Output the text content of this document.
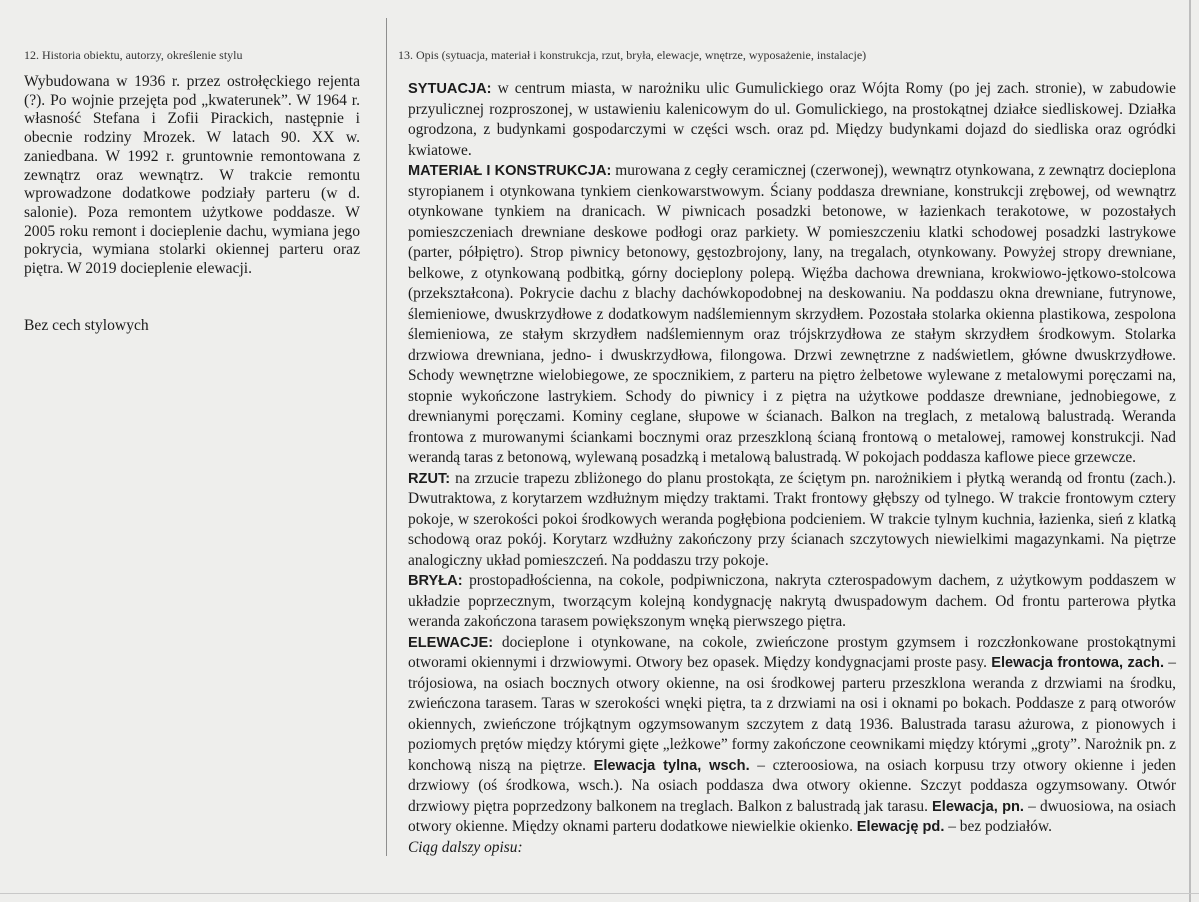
12. Historia obiektu, autorzy, określenie stylu	13. Opis (sytuacja, materiał i konstrukcja, rzut, bryła, elewacje, wnętrze, wyposażenie, instalacje)

Wybudowana w 1936 r. przez ostrołęckiego rejenta (?). Po wojnie przejęta pod „kwaterunek”. W 1964 r. własność Stefana i Zofii Pirackich, następnie i obecnie rodziny Mrozek. W latach 90. XX w. zaniedbana. W 1992 r. gruntownie remontowana z zewnątrz oraz wewnątrz. W trakcie remontu wprowadzone dodatkowe podziały parteru (w d. salonie). Poza remontem użytkowe poddasze. W 2005 roku remont i docieplenie dachu, wymiana jego pokrycia, wymiana stolarki okiennej parteru oraz piętra. W 2019 docieplenie elewacji.

Bez cech stylowych

SYTUACJA: w centrum miasta, w narożniku ulic Gumulickiego oraz Wójta Romy (po jej zach. stronie), w zabudowie przyulicznej rozproszonej, w ustawieniu kalenicowym do ul. Gomulickiego, na prostokątnej działce siedliskowej. Działka ogrodzona, z budynkami gospodarczymi w części wsch. oraz pd. Między budynkami dojazd do siedliska oraz ogródki kwiatowe.

MATERIAŁ I KONSTRUKCJA: murowana z cegły ceramicznej (czerwonej), wewnątrz otynkowana, z zewnątrz docieplona styropianem i otynkowana tynkiem cienkowarstwowym. Ściany poddasza drewniane, konstrukcji zrębowej, od wewnątrz otynkowane tynkiem na dranicach. W piwnicach posadzki betonowe, w łazienkach terakotowe, w pozostałych pomieszczeniach drewniane deskowe podłogi oraz parkiety. W pomieszczeniu klatki schodowej posadzki lastrykowe (parter, półpiętro). Strop piwnicy betonowy, gęstozbrojony, lany, na tregalach, otynkowany. Powyżej stropy drewniane, belkowe, z otynkowaną podbitką, górny docieplony polepą. Więźba dachowa drewniana, krokwiowo-jętkowo-stolcowa (przekształcona). Pokrycie dachu z blachy dachówkopodobnej na deskowaniu. Na poddaszu okna drewniane, futrynowe, ślemieniowe, dwuskrzydłowe z dodatkowym nadślemiennym skrzydłem. Pozostała stolarka okienna plastikowa, zespolona ślemieniowa, ze stałym skrzydłem nadślemiennym oraz trójskrzydłowa ze stałym skrzydłem środkowym. Stolarka drzwiowa drewniana, jedno- i dwuskrzydłowa, filongowa. Drzwi zewnętrzne z nadświetlem, główne dwuskrzydłowe. Schody wewnętrzne wielobiegowe, ze spocznikiem, z parteru na piętro żelbetowe wylewane z metalowymi poręczami na, stopnie wykończone lastrykiem. Schody do piwnicy i z piętra na użytkowe poddasze drewniane, jednobiegowe, z drewnianymi poręczami. Kominy ceglane, słupowe w ścianach. Balkon na treglach, z metalową balustradą. Weranda frontowa z murowanymi ściankami bocznymi oraz przeszkloną ścianą frontową o metalowej, ramowej konstrukcji. Nad werandą taras z betonową, wylewaną posadzką i metalową balustradą. W pokojach poddasza kaflowe piece grzewcze.

RZUT: na zrzucie trapezu zbliżonego do planu prostokąta, ze ściętym pn. narożnikiem i płytką werandą od frontu (zach.). Dwutraktowa, z korytarzem wzdłużnym między traktami. Trakt frontowy głębszy od tylnego. W trakcie frontowym cztery pokoje, w szerokości pokoi środkowych weranda pogłębiona podcieniem. W trakcie tylnym kuchnia, łazienka, sień z klatką schodową oraz pokój. Korytarz wzdłużny zakończony przy ścianach szczytowych niewielkimi magazynkami. Na piętrze analogiczny układ pomieszczeń. Na poddaszu trzy pokoje.

BRYŁA: prostopadłościenna, na cokole, podpiwniczona, nakryta czterospadowym dachem, z użytkowym poddaszem w układzie poprzecznym, tworzącym kolejną kondygnację nakrytą dwuspadowym dachem. Od frontu parterowa płytka weranda zakończona tarasem powiększonym wnęką pierwszego piętra.

ELEWACJE: docieplone i otynkowane, na cokole, zwieńczone prostym gzymsem i rozczłonkowane prostokątnymi otworami okiennymi i drzwiowymi. Otwory bez opasek. Między kondygnacjami proste pasy. Elewacja frontowa, zach. – trójosiowa, na osiach bocznych otwory okienne, na osi środkowej parteru przeszklona weranda z drzwiami na środku, zwieńczona tarasem. Taras w szerokości wnęki piętra, ta z drzwiami na osi i oknami po bokach. Poddasze z parą otworów okiennych, zwieńczone trójkątnym ogzymsowanym szczytem z datą 1936. Balustrada tarasu ażurowa, z pionowych i poziomych prętów między którymi gięte „leżkowe” formy zakończone ceownikami między którymi „groty”. Narożnik pn. z konchową niszą na piętrze. Elewacja tylna, wsch. – czteroosiowa, na osiach korpusu trzy otwory okienne i jeden drzwiowy (oś środkowa, wsch.). Na osiach poddasza dwa otwory okienne. Szczyt poddasza ogzymsowany. Otwór drzwiowy piętra poprzedzony balkonem na treglach. Balkon z balustradą jak tarasu. Elewacja, pn. – dwuosiowa, na osiach otwory okienne. Między oknami parteru dodatkowe niewielkie okienko. Elewację pd. – bez podziałów.

Ciąg dalszy opisu:
